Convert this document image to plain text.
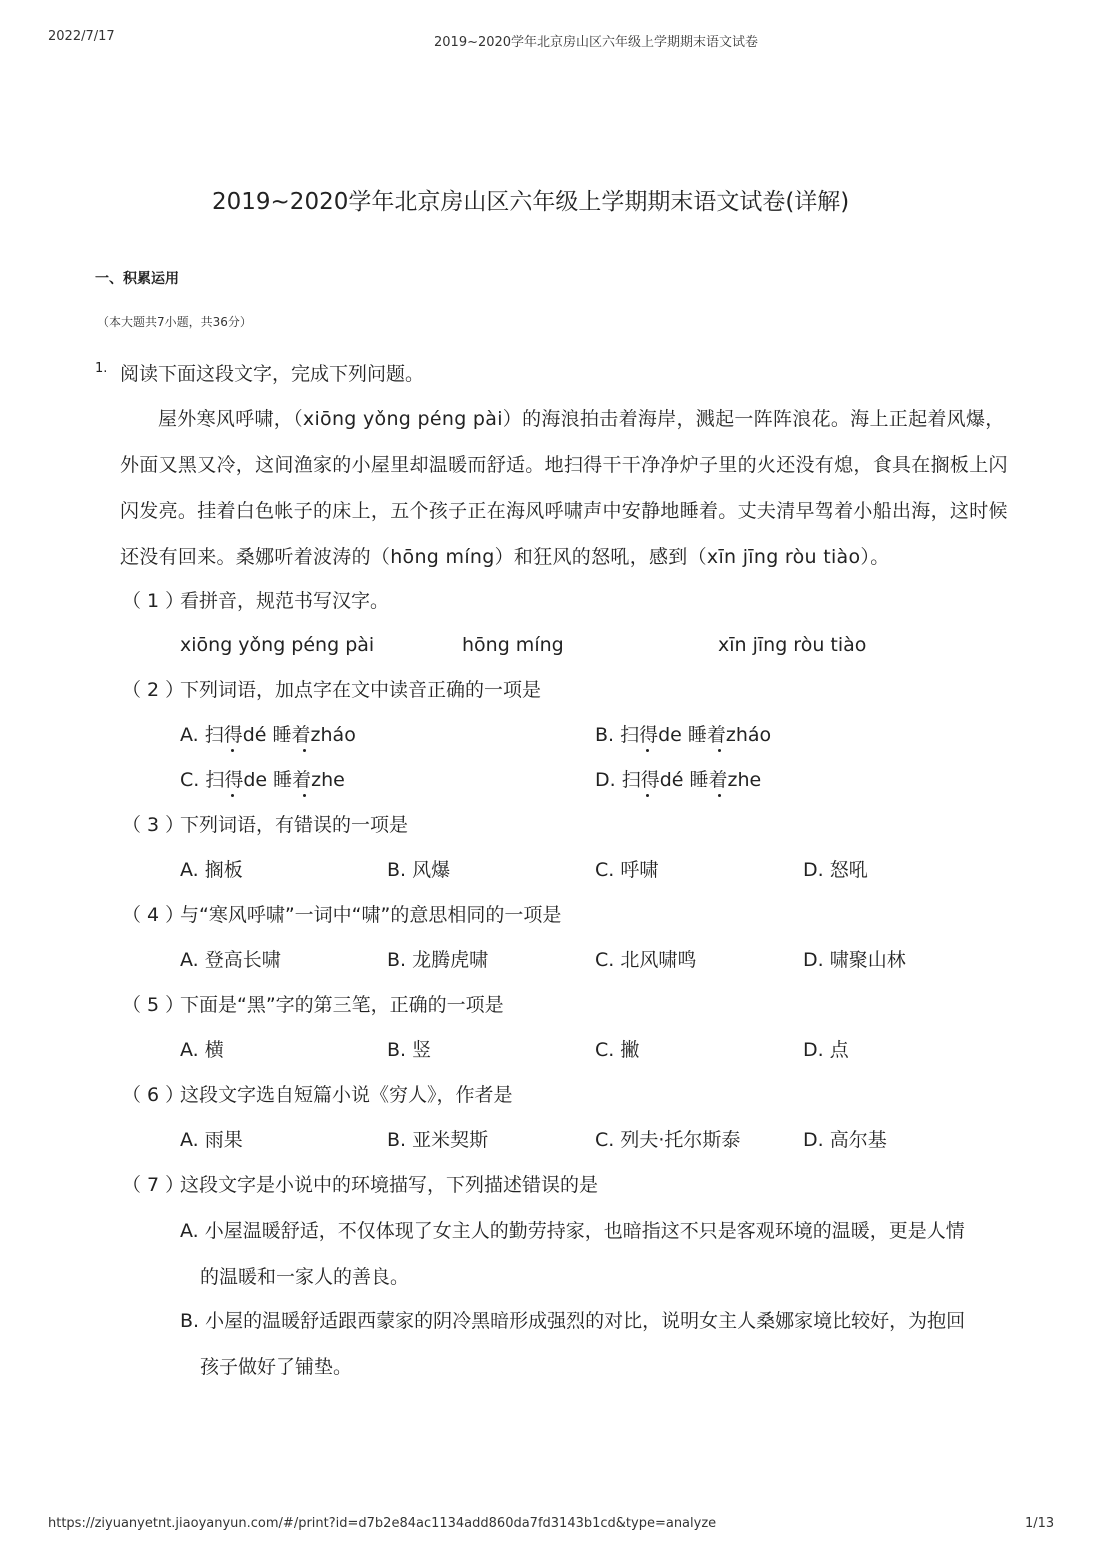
2022/7/17	2019~2020学年北京房山区六年级上学期期末语文试卷
2019~2020学年北京房山区六年级上学期期末语文试卷(详解)
一、积累运用
（本大题共7小题，共36分）
1. 阅读下面这段文字，完成下列问题。
屋外寒风呼啸，（xiōng yǒng péng pài）的海浪拍击着海岸，溅起一阵阵浪花。海上正起着风爆，外面又黑又冷，这间渔家的小屋里却温暖而舒适。地扫得干干净净炉子里的火还没有熄，食具在搁板上闪闪发亮。挂着白色帐子的床上，五个孩子正在海风呼啸声中安静地睡着。丈夫清早驾着小船出海，这时候还没有回来。桑娜听着波涛的（hōng míng）和狂风的怒吼，感到（xīn jīng ròu tiào）。
（ 1 ）
看拼音，规范书写汉字。
xiōng yǒng péng pài	hōng míng	xīn jīng ròu tiào
（ 2 ）
下列词语，加点字在文中读音正确的一项是
A. 扫得dé 睡着zháo	B. 扫得de 睡着zháo
C. 扫得de 睡着zhe	D. 扫得dé 睡着zhe
（ 3 ）
下列词语，有错误的一项是
A. 搁板	B. 风爆	C. 呼啸	D. 怒吼
（ 4 ）
与“寒风呼啸”一词中“啸”的意思相同的一项是
A. 登高长啸	B. 龙腾虎啸	C. 北风啸鸣	D. 啸聚山林
（ 5 ）
下面是“黑”字的第三笔，正确的一项是
A. 横	B. 竖	C. 撇	D. 点
（ 6 ）
这段文字选自短篇小说《穷人》，作者是
A. 雨果	B. 亚米契斯	C. 列夫·托尔斯泰	D. 高尔基
（ 7 ）
这段文字是小说中的环境描写，下列描述错误的是
A. 小屋温暖舒适，不仅体现了女主人的勤劳持家，也暗指这不只是客观环境的温暖，更是人情
的温暖和一家人的善良。
B. 小屋的温暖舒适跟西蒙家的阴冷黑暗形成强烈的对比，说明女主人桑娜家境比较好，为抱回
孩子做好了铺垫。
https://ziyuanyetnt.jiaoyanyun.com/#/print?id=d7b2e84ac1134add860da7fd3143b1cd&type=analyze	1/13
